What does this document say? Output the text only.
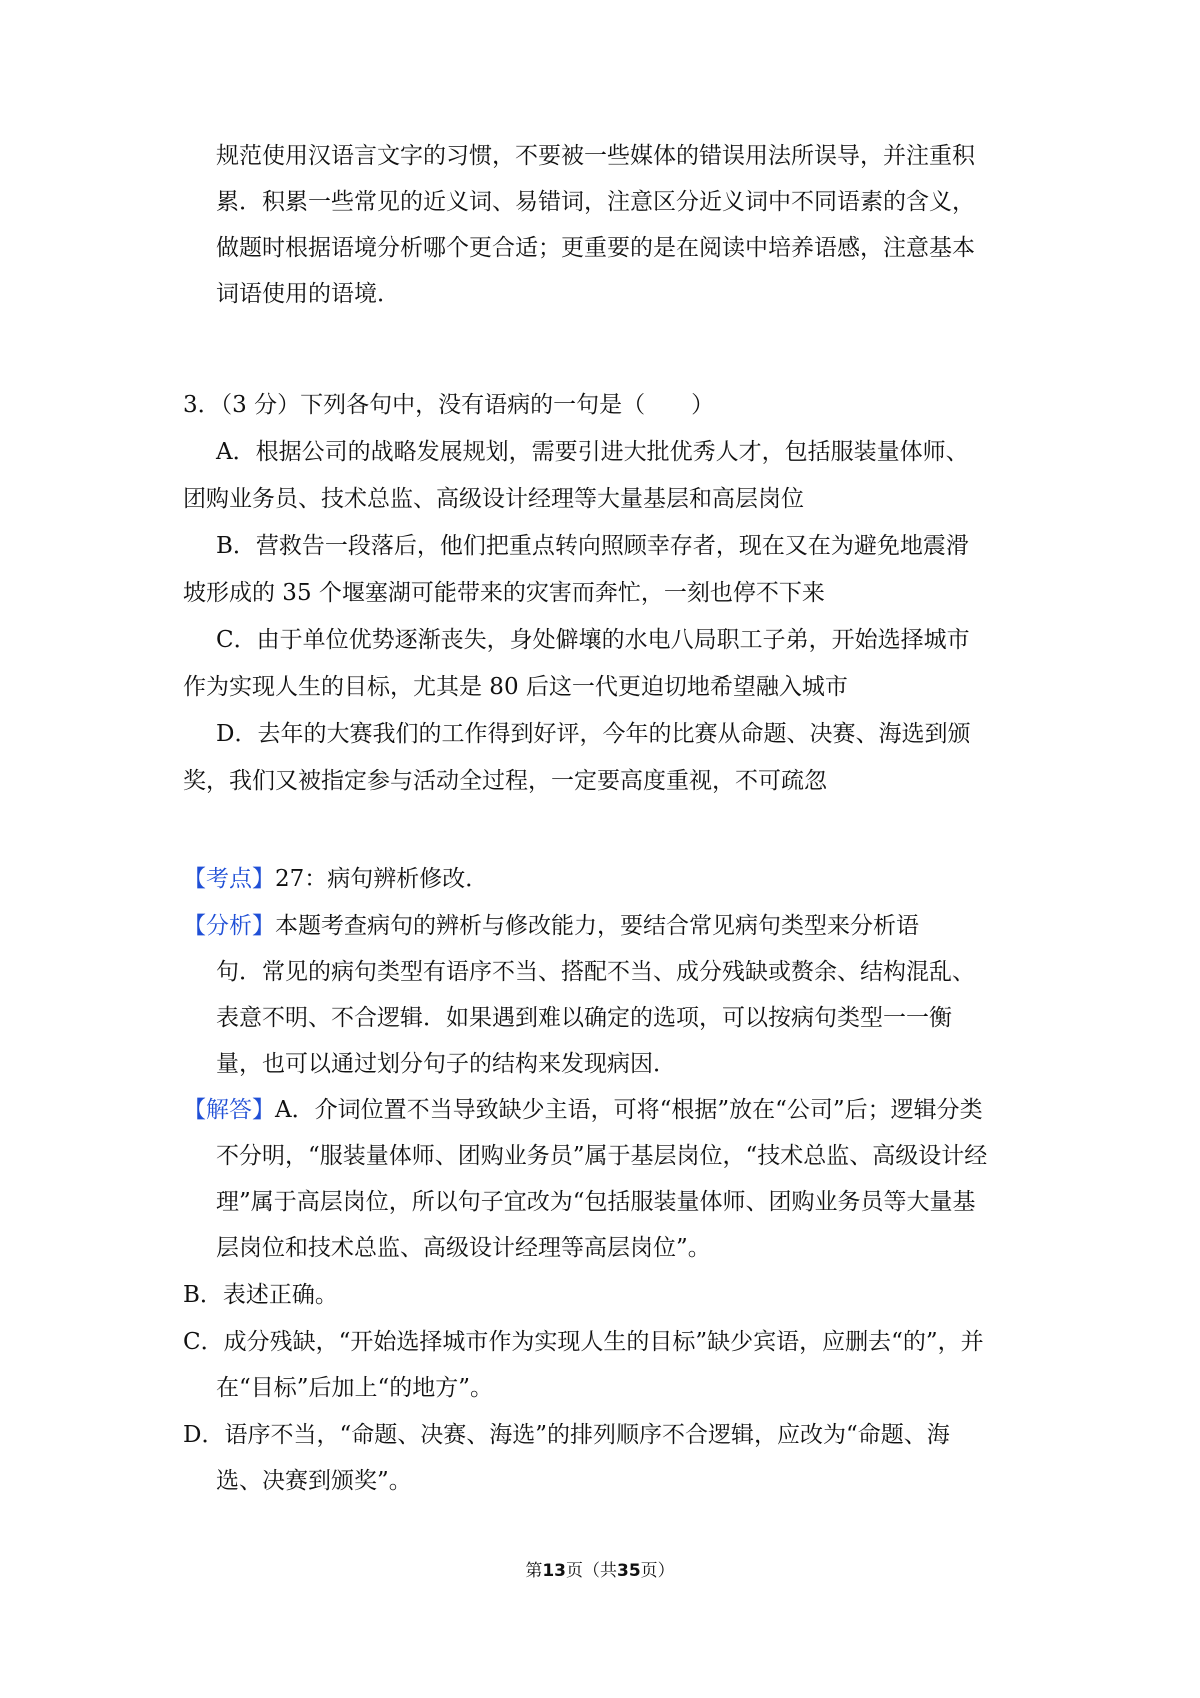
规范使用汉语言文字的习惯，不要被一些媒体的错误用法所误导，并注重积
累．积累一些常见的近义词、易错词，注意区分近义词中不同语素的含义，
做题时根据语境分析哪个更合适；更重要的是在阅读中培养语感，注意基本
词语使用的语境．
3．（3 分）下列各句中，没有语病的一句是（　　）
A．根据公司的战略发展规划，需要引进大批优秀人才，包括服装量体师、
团购业务员、技术总监、高级设计经理等大量基层和高层岗位
B．营救告一段落后，他们把重点转向照顾幸存者，现在又在为避免地震滑
坡形成的 35 个堰塞湖可能带来的灾害而奔忙，一刻也停不下来
C．由于单位优势逐渐丧失，身处僻壤的水电八局职工子弟，开始选择城市
作为实现人生的目标，尤其是 80 后这一代更迫切地希望融入城市
D．去年的大赛我们的工作得到好评，今年的比赛从命题、决赛、海选到颁
奖，我们又被指定参与活动全过程，一定要高度重视，不可疏忽
【考点】27：病句辨析修改．
【分析】本题考查病句的辨析与修改能力，要结合常见病句类型来分析语
句．常见的病句类型有语序不当、搭配不当、成分残缺或赘余、结构混乱、
表意不明、不合逻辑．如果遇到难以确定的选项，可以按病句类型一一衡
量，也可以通过划分句子的结构来发现病因．
【解答】A．介词位置不当导致缺少主语，可将“根据”放在“公司”后；逻辑分类
不分明，“服装量体师、团购业务员”属于基层岗位，“技术总监、高级设计经
理”属于高层岗位，所以句子宜改为“包括服装量体师、团购业务员等大量基
层岗位和技术总监、高级设计经理等高层岗位”。
B．表述正确。
C．成分残缺，“开始选择城市作为实现人生的目标”缺少宾语，应删去“的”，并
在“目标”后加上“的地方”。
D．语序不当，“命题、决赛、海选”的排列顺序不合逻辑，应改为“命题、海
选、决赛到颁奖”。
第13页（共35页）
